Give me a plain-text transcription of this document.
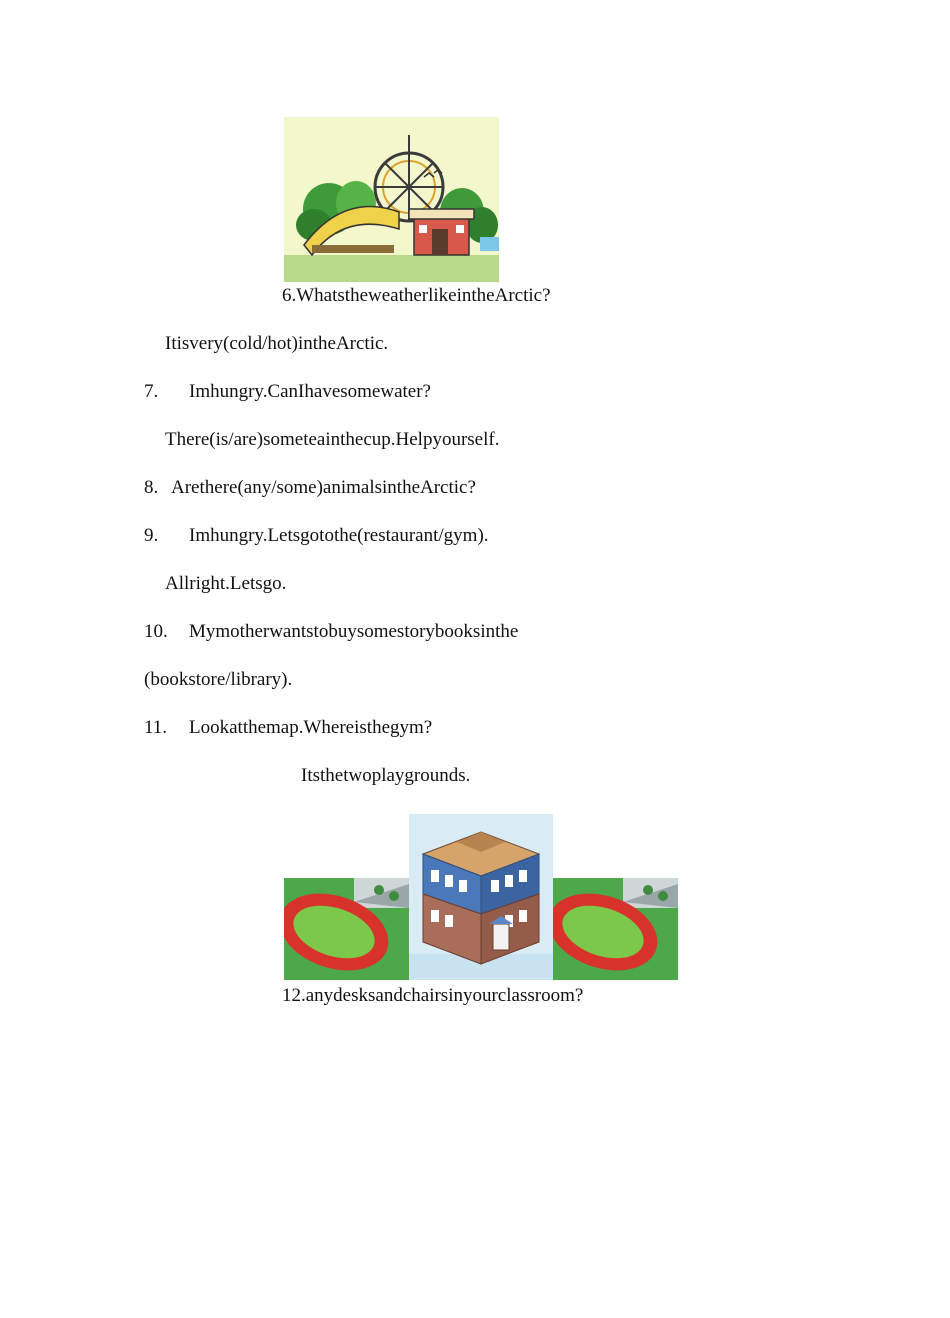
6.WhatstheweatherlikeintheArctic?
Itisvery(cold/hot)intheArctic.
7. Imhungry.CanIhavesomewater?
There(is/are)someteainthecup.Helpyourself.
8. Arethere(any/some)animalsintheArctic?
9. Imhungry.Letsgotothe(restaurant/gym).
Allright.Letsgo.
10. Mymotherwantstobuysomestorybooksinthe
(bookstore/library).
11. Lookatthemap.Whereisthegym?
Itsthetwoplaygrounds.
12.anydesksandchairsinyourclassroom?
